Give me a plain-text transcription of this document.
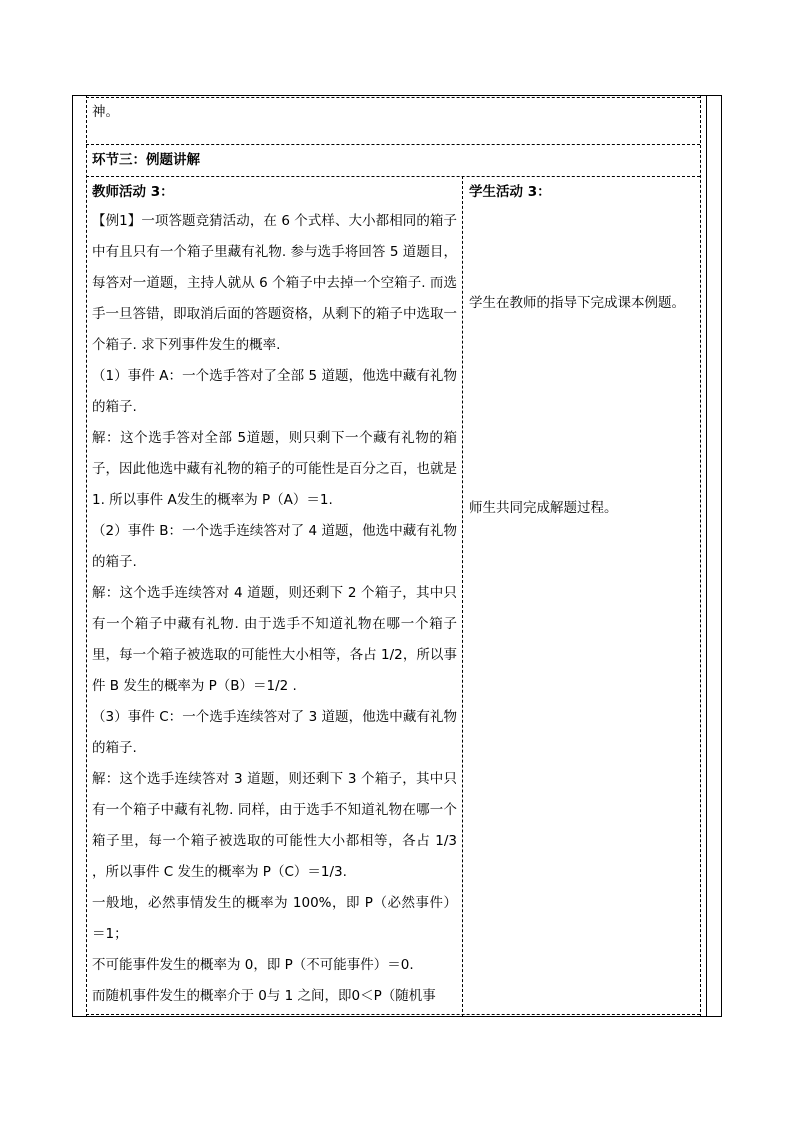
神。
环节三：例题讲解
教师活动 3：	学生活动 3：

【例1】一项答题竞猜活动，在 6 个式样、大小都相同的箱子中有且只有一个箱子里藏有礼物. 参与选手将回答 5 道题目，每答对一道题，主持人就从 6 个箱子中去掉一个空箱子. 而选手一旦答错，即取消后面的答题资格，从剩下的箱子中选取一个箱子. 求下列事件发生的概率.

（1）事件 A：一个选手答对了全部 5 道题，他选中藏有礼物的箱子.

解：这个选手答对全部 5道题，则只剩下一个藏有礼物的箱子，因此他选中藏有礼物的箱子的可能性是百分之百，也就是 1. 所以事件 A发生的概率为 P（A）＝1.

（2）事件 B：一个选手连续答对了 4 道题，他选中藏有礼物的箱子.

解：这个选手连续答对 4 道题，则还剩下 2 个箱子，其中只有一个箱子中藏有礼物. 由于选手不知道礼物在哪一个箱子里，每一个箱子被选取的可能性大小相等，各占 1/2，所以事件 B 发生的概率为 P（B）＝1/2 .

（3）事件 C：一个选手连续答对了 3 道题，他选中藏有礼物的箱子.

解：这个选手连续答对 3 道题，则还剩下 3 个箱子，其中只有一个箱子中藏有礼物. 同样，由于选手不知道礼物在哪一个箱子里，每一个箱子被选取的可能性大小都相等，各占 1/3 ，所以事件 C 发生的概率为 P（C）＝1/3.

一般地，必然事情发生的概率为 100%，即 P（必然事件）＝1；

不可能事件发生的概率为 0，即 P（不可能事件）＝0.

而随机事件发生的概率介于 0与 1 之间，即0＜P（随机事

学生在教师的指导下完成课本例题。
师生共同完成解题过程。
